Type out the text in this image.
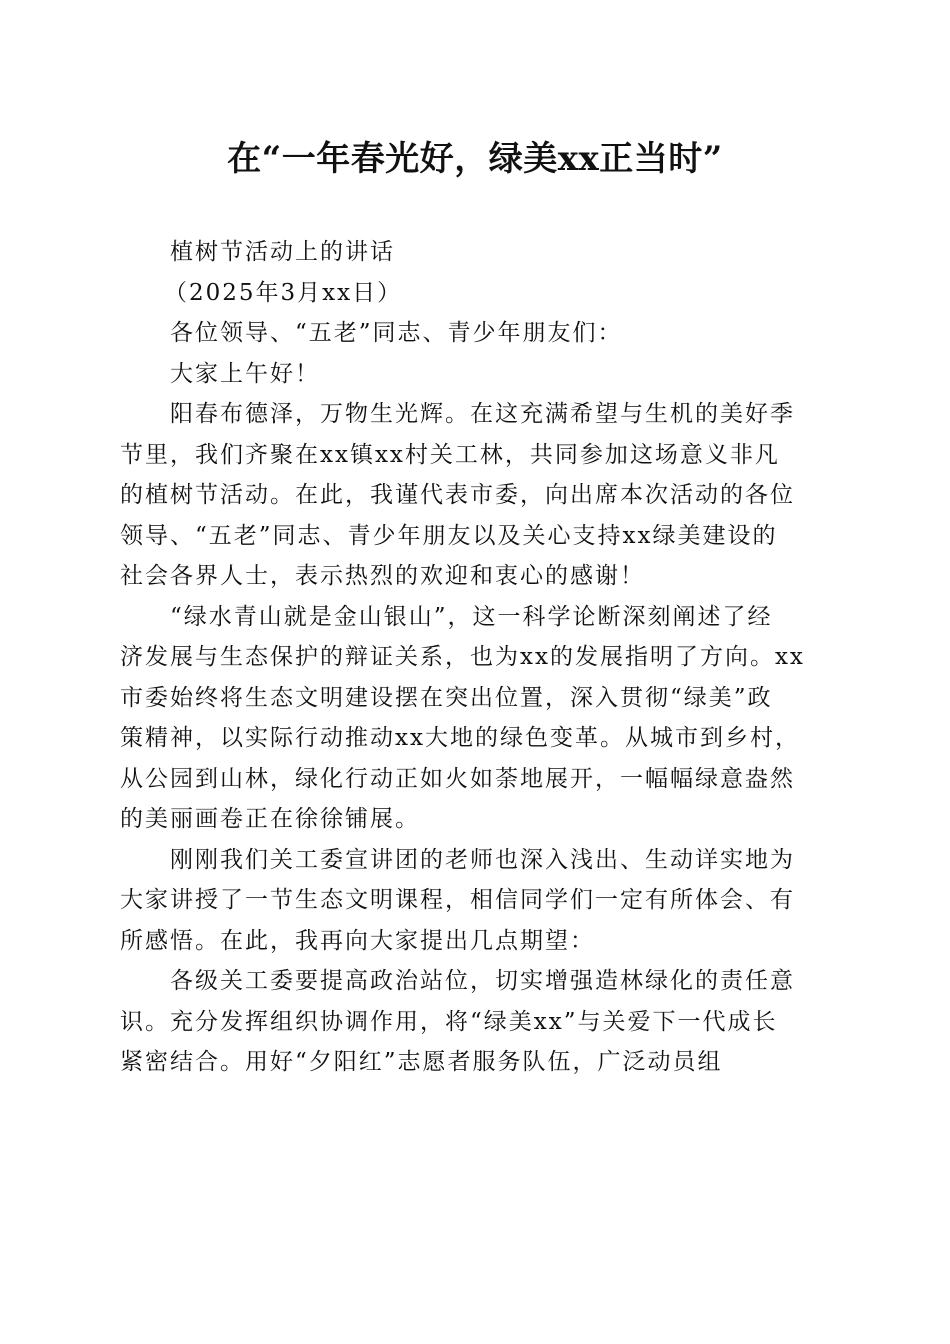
在“一年春光好，绿美xx正当时”

植树节活动上的讲话

（2025年3月xx日）

各位领导、“五老”同志、青少年朋友们：

大家上午好！

阳春布德泽，万物生光辉。在这充满希望与生机的美好季
节里，我们齐聚在xx镇xx村关工林，共同参加这场意义非凡
的植树节活动。在此，我谨代表市委，向出席本次活动的各位
领导、“五老”同志、青少年朋友以及关心支持xx绿美建设的
社会各界人士，表示热烈的欢迎和衷心的感谢！

“绿水青山就是金山银山”，这一科学论断深刻阐述了经
济发展与生态保护的辩证关系，也为xx的发展指明了方向。xx
市委始终将生态文明建设摆在突出位置，深入贯彻“绿美”政
策精神，以实际行动推动xx大地的绿色变革。从城市到乡村，
从公园到山林，绿化行动正如火如荼地展开，一幅幅绿意盎然
的美丽画卷正在徐徐铺展。

刚刚我们关工委宣讲团的老师也深入浅出、生动详实地为
大家讲授了一节生态文明课程，相信同学们一定有所体会、有
所感悟。在此，我再向大家提出几点期望：

各级关工委要提高政治站位，切实增强造林绿化的责任意
识。充分发挥组织协调作用，将“绿美xx”与关爱下一代成长
紧密结合。用好“夕阳红”志愿者服务队伍，广泛动员组
